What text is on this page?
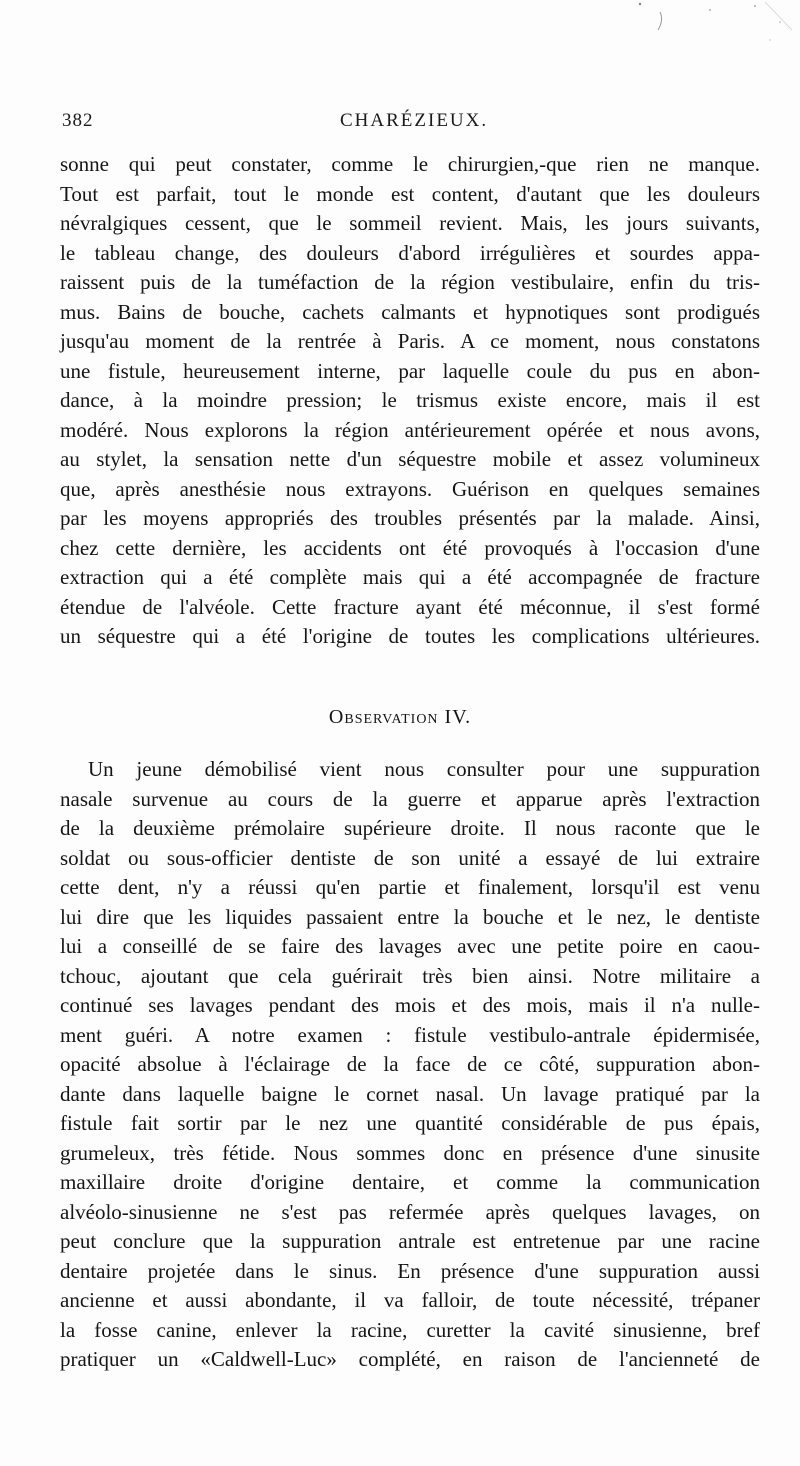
382	CHARÉZIEUX.
sonne qui peut constater, comme le chirurgien,-que rien ne manque.
Tout est parfait, tout le monde est content, d'autant que les douleurs
névralgiques cessent, que le sommeil revient. Mais, les jours suivants,
le tableau change, des douleurs d'abord irrégulières et sourdes appa-
raissent puis de la tuméfaction de la région vestibulaire, enfin du tris-
mus. Bains de bouche, cachets calmants et hypnotiques sont prodigués
jusqu'au moment de la rentrée à Paris. A ce moment, nous constatons
une fistule, heureusement interne, par laquelle coule du pus en abon-
dance, à la moindre pression; le trismus existe encore, mais il est
modéré. Nous explorons la région antérieurement opérée et nous avons,
au stylet, la sensation nette d'un séquestre mobile et assez volumineux
que, après anesthésie nous extrayons. Guérison en quelques semaines
par les moyens appropriés des troubles présentés par la malade. Ainsi,
chez cette dernière, les accidents ont été provoqués à l'occasion d'une
extraction qui a été complète mais qui a été accompagnée de fracture
étendue de l'alvéole. Cette fracture ayant été méconnue, il s'est formé
un séquestre qui a été l'origine de toutes les complications ultérieures.
Observation IV.
Un jeune démobilisé vient nous consulter pour une suppuration
nasale survenue au cours de la guerre et apparue après l'extraction
de la deuxième prémolaire supérieure droite. Il nous raconte que le
soldat ou sous-officier dentiste de son unité a essayé de lui extraire
cette dent, n'y a réussi qu'en partie et finalement, lorsqu'il est venu
lui dire que les liquides passaient entre la bouche et le nez, le dentiste
lui a conseillé de se faire des lavages avec une petite poire en caou-
tchouc, ajoutant que cela guérirait très bien ainsi. Notre militaire a
continué ses lavages pendant des mois et des mois, mais il n'a nulle-
ment guéri. A notre examen : fistule vestibulo-antrale épidermisée,
opacité absolue à l'éclairage de la face de ce côté, suppuration abon-
dante dans laquelle baigne le cornet nasal. Un lavage pratiqué par la
fistule fait sortir par le nez une quantité considérable de pus épais,
grumeleux, très fétide. Nous sommes donc en présence d'une sinusite
maxillaire droite d'origine dentaire, et comme la communication
alvéolo-sinusienne ne s'est pas refermée après quelques lavages, on
peut conclure que la suppuration antrale est entretenue par une racine
dentaire projetée dans le sinus. En présence d'une suppuration aussi
ancienne et aussi abondante, il va falloir, de toute nécessité, trépaner
la fosse canine, enlever la racine, curetter la cavité sinusienne, bref
pratiquer un «Caldwell-Luc» complété, en raison de l'ancienneté de
